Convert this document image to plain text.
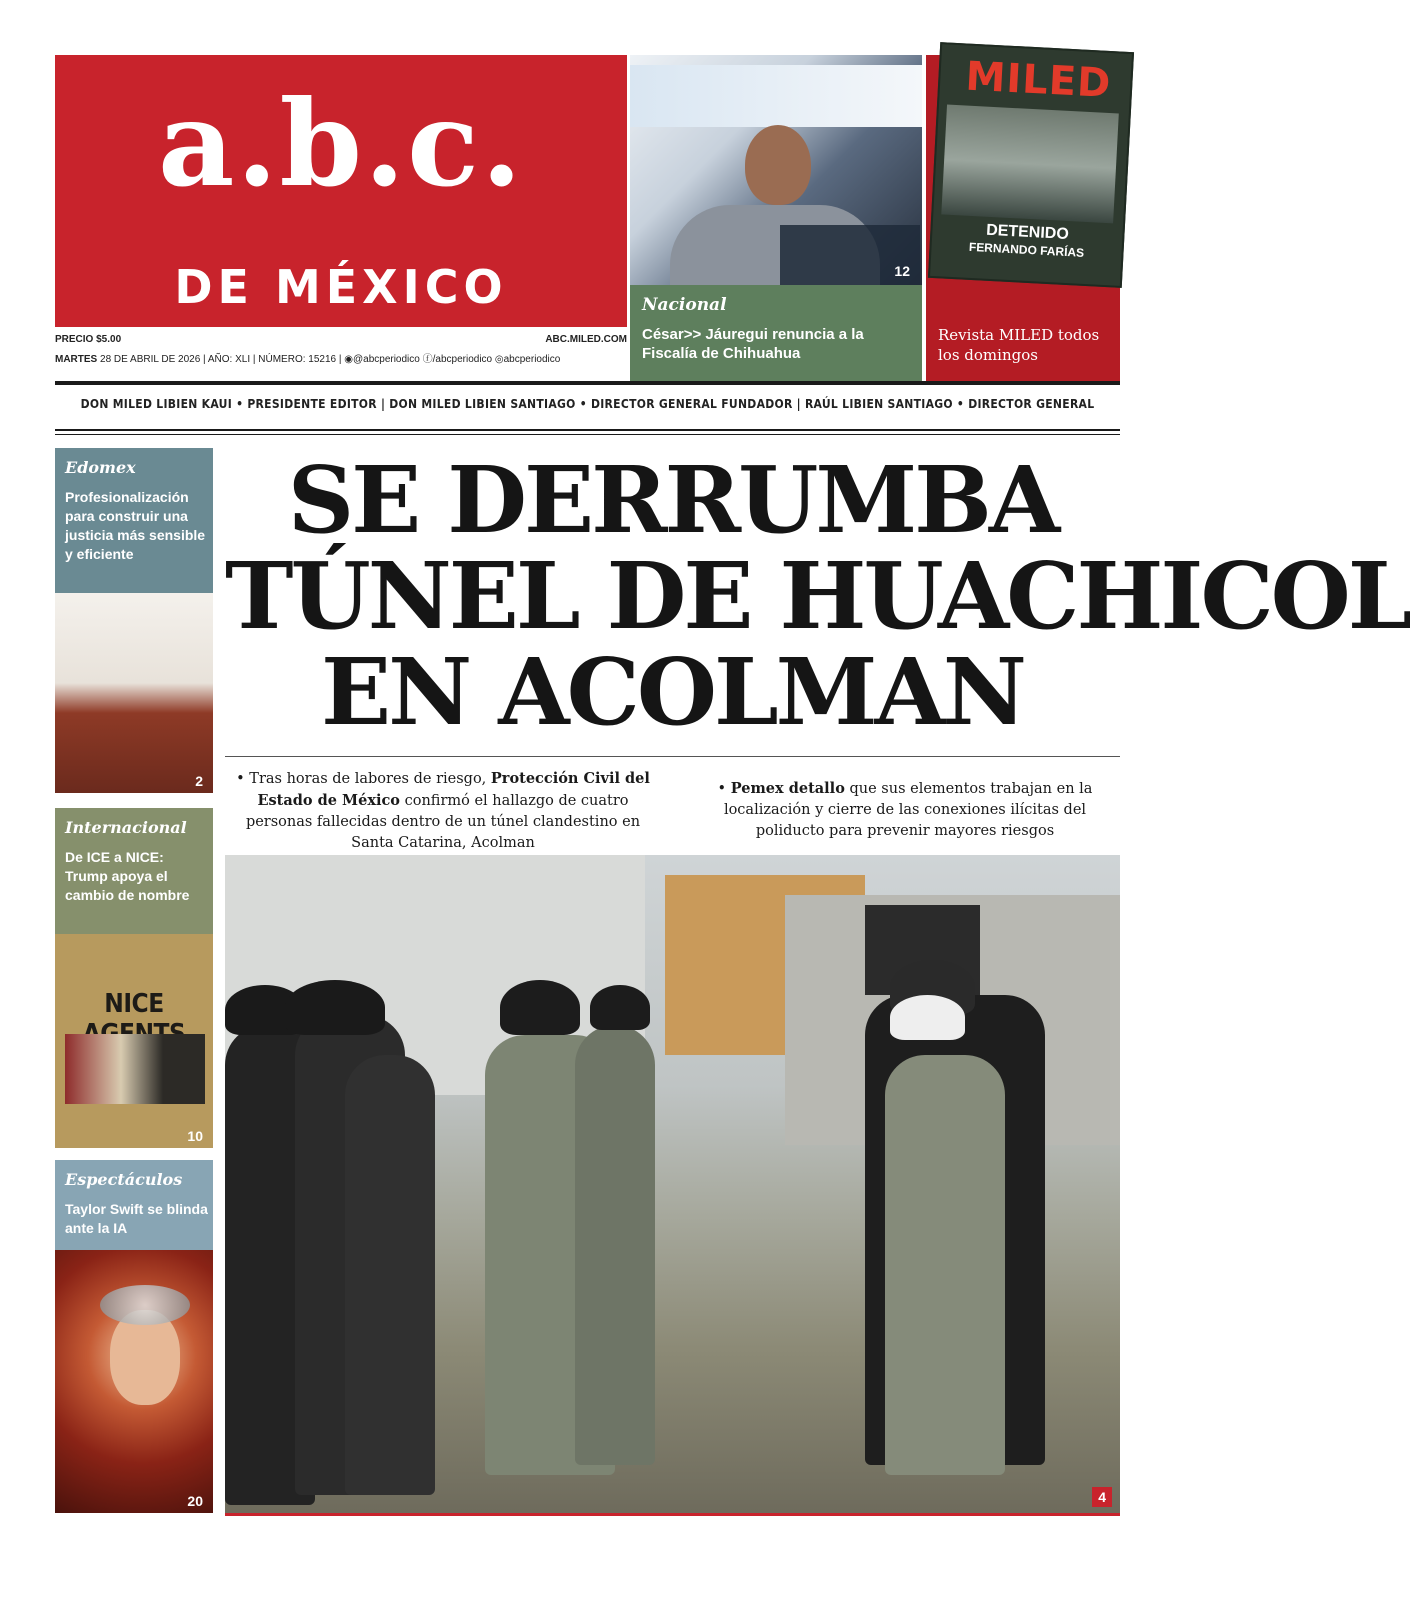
a.b.c.
DE MÉXICO
PRECIO $5.00	ABC.MILED.COM
MARTES 28 DE ABRIL DE 2026 | AÑO: XLI | NÚMERO: 15216 | ◉@abcperiodico ⓕ/abcperiodico ◎abcperiodico
12
Nacional
César>> Jáuregui renuncia a la Fiscalía de Chihuahua
MILED
DETENIDO
FERNANDO FARÍAS
Revista MILED todos los domingos
DON MILED LIBIEN KAUI • PRESIDENTE EDITOR | DON MILED LIBIEN SANTIAGO • DIRECTOR GENERAL FUNDADOR | RAÚL LIBIEN SANTIAGO • DIRECTOR GENERAL
Edomex
Profesionalización para construir una justicia más sensible y eficiente
2
Internacional
De ICE a NICE: Trump apoya el cambio de nombre
NICE
10
Espectáculos
Taylor Swift se blinda ante la IA
20
SE DERRUMBA
TÚNEL DE HUACHICOL
EN ACOLMAN
• Tras horas de labores de riesgo, Protección Civil del Estado de México confirmó el hallazgo de cuatro personas fallecidas dentro de un túnel clandestino en Santa Catarina, Acolman
• Pemex detallo que sus elementos trabajan en la localización y cierre de las conexiones ilícitas del poliducto para prevenir mayores riesgos
4
